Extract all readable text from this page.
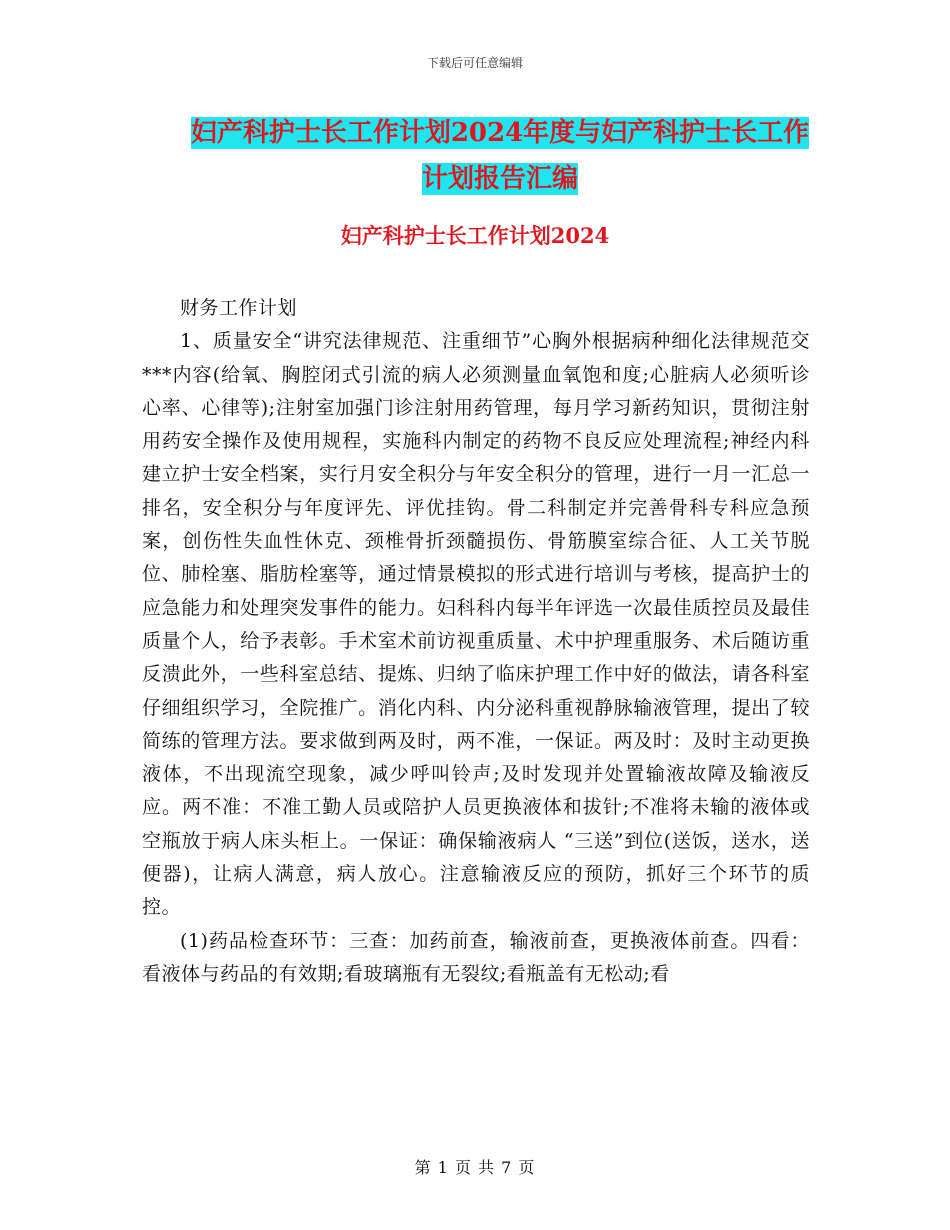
下载后可任意编辑
妇产科护士长工作计划2024年度与妇产科护士长工作
计划报告汇编
妇产科护士长工作计划2024

财务工作计划

1、质量安全“讲究法律规范、注重细节”心胸外根据病种细化法律规范交***内容(给氧、胸腔闭式引流的病人必须测量血氧饱和度;心脏病人必须听诊心率、心律等);注射室加强门诊注射用药管理，每月学习新药知识，贯彻注射用药安全操作及使用规程，实施科内制定的药物不良反应处理流程;神经内科建立护士安全档案，实行月安全积分与年安全积分的管理，进行一月一汇总一排名，安全积分与年度评先、评优挂钩。骨二科制定并完善骨科专科应急预案，创伤性失血性休克、颈椎骨折颈髓损伤、骨筋膜室综合征、人工关节脱位、肺栓塞、脂肪栓塞等，通过情景模拟的形式进行培训与考核，提高护士的应急能力和处理突发事件的能力。妇科科内每半年评选一次最佳质控员及最佳质量个人，给予表彰。手术室术前访视重质量、术中护理重服务、术后随访重反溃此外，一些科室总结、提炼、归纳了临床护理工作中好的做法，请各科室仔细组织学习，全院推广。消化内科、内分泌科重视静脉输液管理，提出了较简练的管理方法。要求做到两及时，两不准，一保证。两及时：及时主动更换液体，不出现流空现象，减少呼叫铃声;及时发现并处置输液故障及输液反应。两不准：不准工勤人员或陪护人员更换液体和拔针;不准将未输的液体或空瓶放于病人床头柜上。一保证：确保输液病人 “三送”到位(送饭，送水，送便器)，让病人满意，病人放心。注意输液反应的预防，抓好三个环节的质控。

(1)药品检查环节：三查：加药前查，输液前查，更换液体前查。四看：看液体与药品的有效期;看玻璃瓶有无裂纹;看瓶盖有无松动;看

第 1 页 共 7 页
